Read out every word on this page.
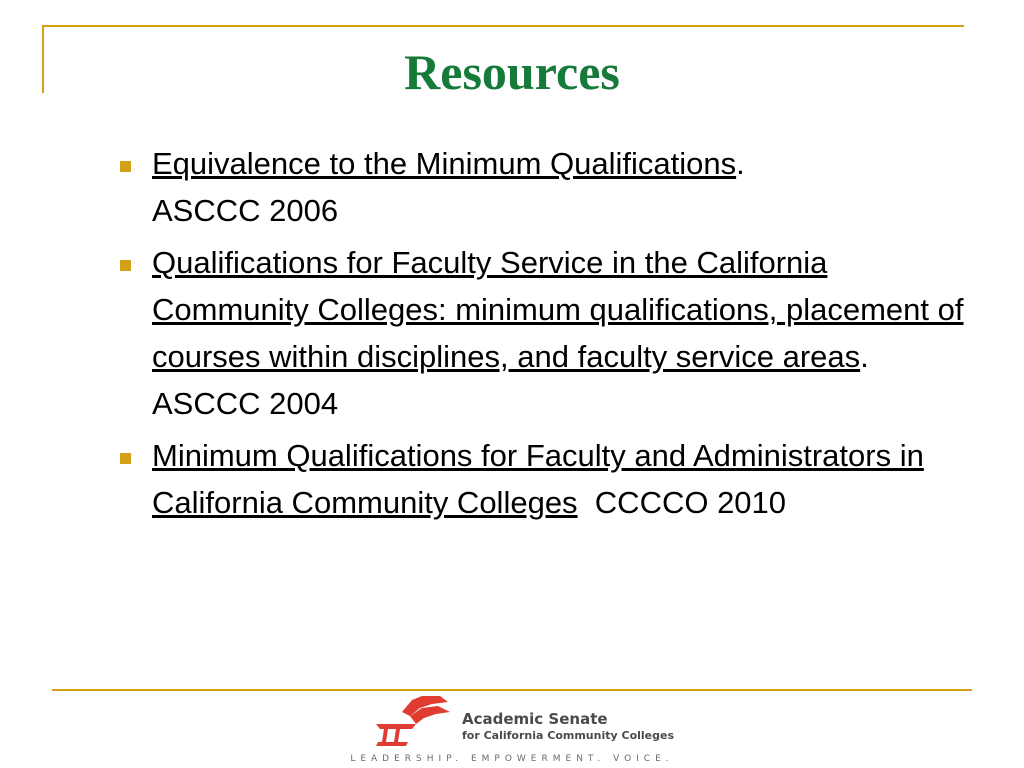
Resources
Equivalence to the Minimum Qualifications.
ASCCC 2006
Qualifications for Faculty Service in the California Community Colleges: minimum qualifications, placement of courses within disciplines, and faculty service areas.
ASCCC 2004
Minimum Qualifications for Faculty and Administrators in California Community Colleges CCCCO 2010
Academic Senate
for California Community Colleges
LEADERSHIP. EMPOWERMENT. VOICE.
